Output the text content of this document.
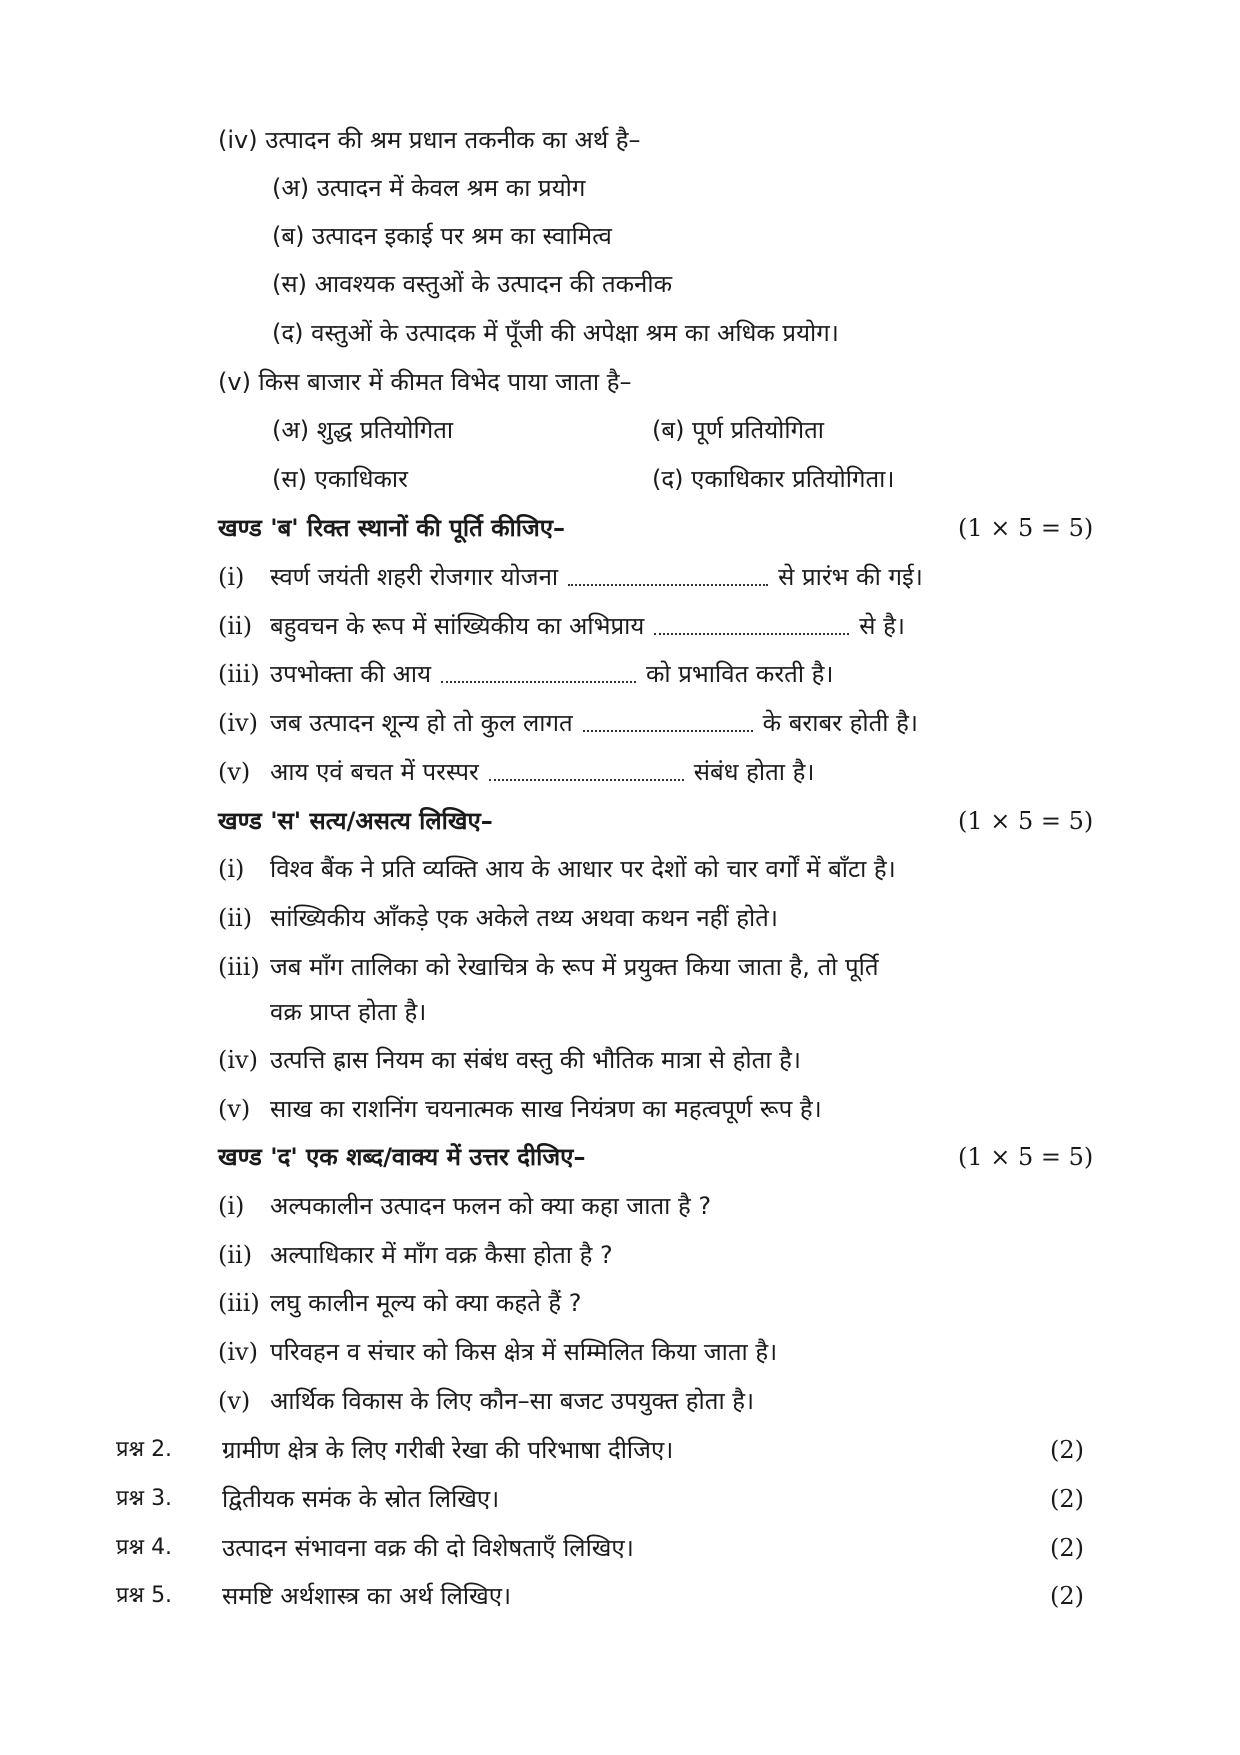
(iv) उत्पादन की श्रम प्रधान तकनीक का अर्थ है–
(अ) उत्पादन में केवल श्रम का प्रयोग
(ब) उत्पादन इकाई पर श्रम का स्वामित्व
(स) आवश्यक वस्तुओं के उत्पादन की तकनीक
(द) वस्तुओं के उत्पादक में पूँजी की अपेक्षा श्रम का अधिक प्रयोग।
(v) किस बाजार में कीमत विभेद पाया जाता है–
(अ) शुद्ध प्रतियोगिता	(ब) पूर्ण प्रतियोगिता
(स) एकाधिकार	(द) एकाधिकार प्रतियोगिता।
खण्ड 'ब' रिक्त स्थानों की पूर्ति कीजिए–	(1 × 5 = 5)
(i) स्वर्ण जयंती शहरी रोजगार योजना	से प्रारंभ की गई।
(ii) बहुवचन के रूप में सांख्यिकीय का अभिप्राय	से है।
(iii) उपभोक्ता की आय	को प्रभावित करती है।
(iv) जब उत्पादन शून्य हो तो कुल लागत	के बराबर होती है।
(v) आय एवं बचत में परस्पर	संबंध होता है।
खण्ड 'स' सत्य/असत्य लिखिए–	(1 × 5 = 5)
(i) विश्व बैंक ने प्रति व्यक्ति आय के आधार पर देशों को चार वर्गों में बाँटा है।
(ii) सांख्यिकीय आँकड़े एक अकेले तथ्य अथवा कथन नहीं होते।
(iii) जब माँग तालिका को रेखाचित्र के रूप में प्रयुक्त किया जाता है, तो पूर्ति
वक्र प्राप्त होता है।
(iv) उत्पत्ति ह्रास नियम का संबंध वस्तु की भौतिक मात्रा से होता है।
(v) साख का राशनिंग चयनात्मक साख नियंत्रण का महत्वपूर्ण रूप है।
खण्ड 'द' एक शब्द/वाक्य में उत्तर दीजिए–	(1 × 5 = 5)
(i) अल्पकालीन उत्पादन फलन को क्या कहा जाता है ?
(ii) अल्पाधिकार में माँग वक्र कैसा होता है ?
(iii) लघु कालीन मूल्य को क्या कहते हैं ?
(iv) परिवहन व संचार को किस क्षेत्र में सम्मिलित किया जाता है।
(v) आर्थिक विकास के लिए कौन–सा बजट उपयुक्त होता है।
प्रश्न 2. ग्रामीण क्षेत्र के लिए गरीबी रेखा की परिभाषा दीजिए।	(2)
प्रश्न 3. द्वितीयक समंक के स्रोत लिखिए।	(2)
प्रश्न 4. उत्पादन संभावना वक्र की दो विशेषताएँ लिखिए।	(2)
प्रश्न 5. समष्टि अर्थशास्त्र का अर्थ लिखिए।	(2)
